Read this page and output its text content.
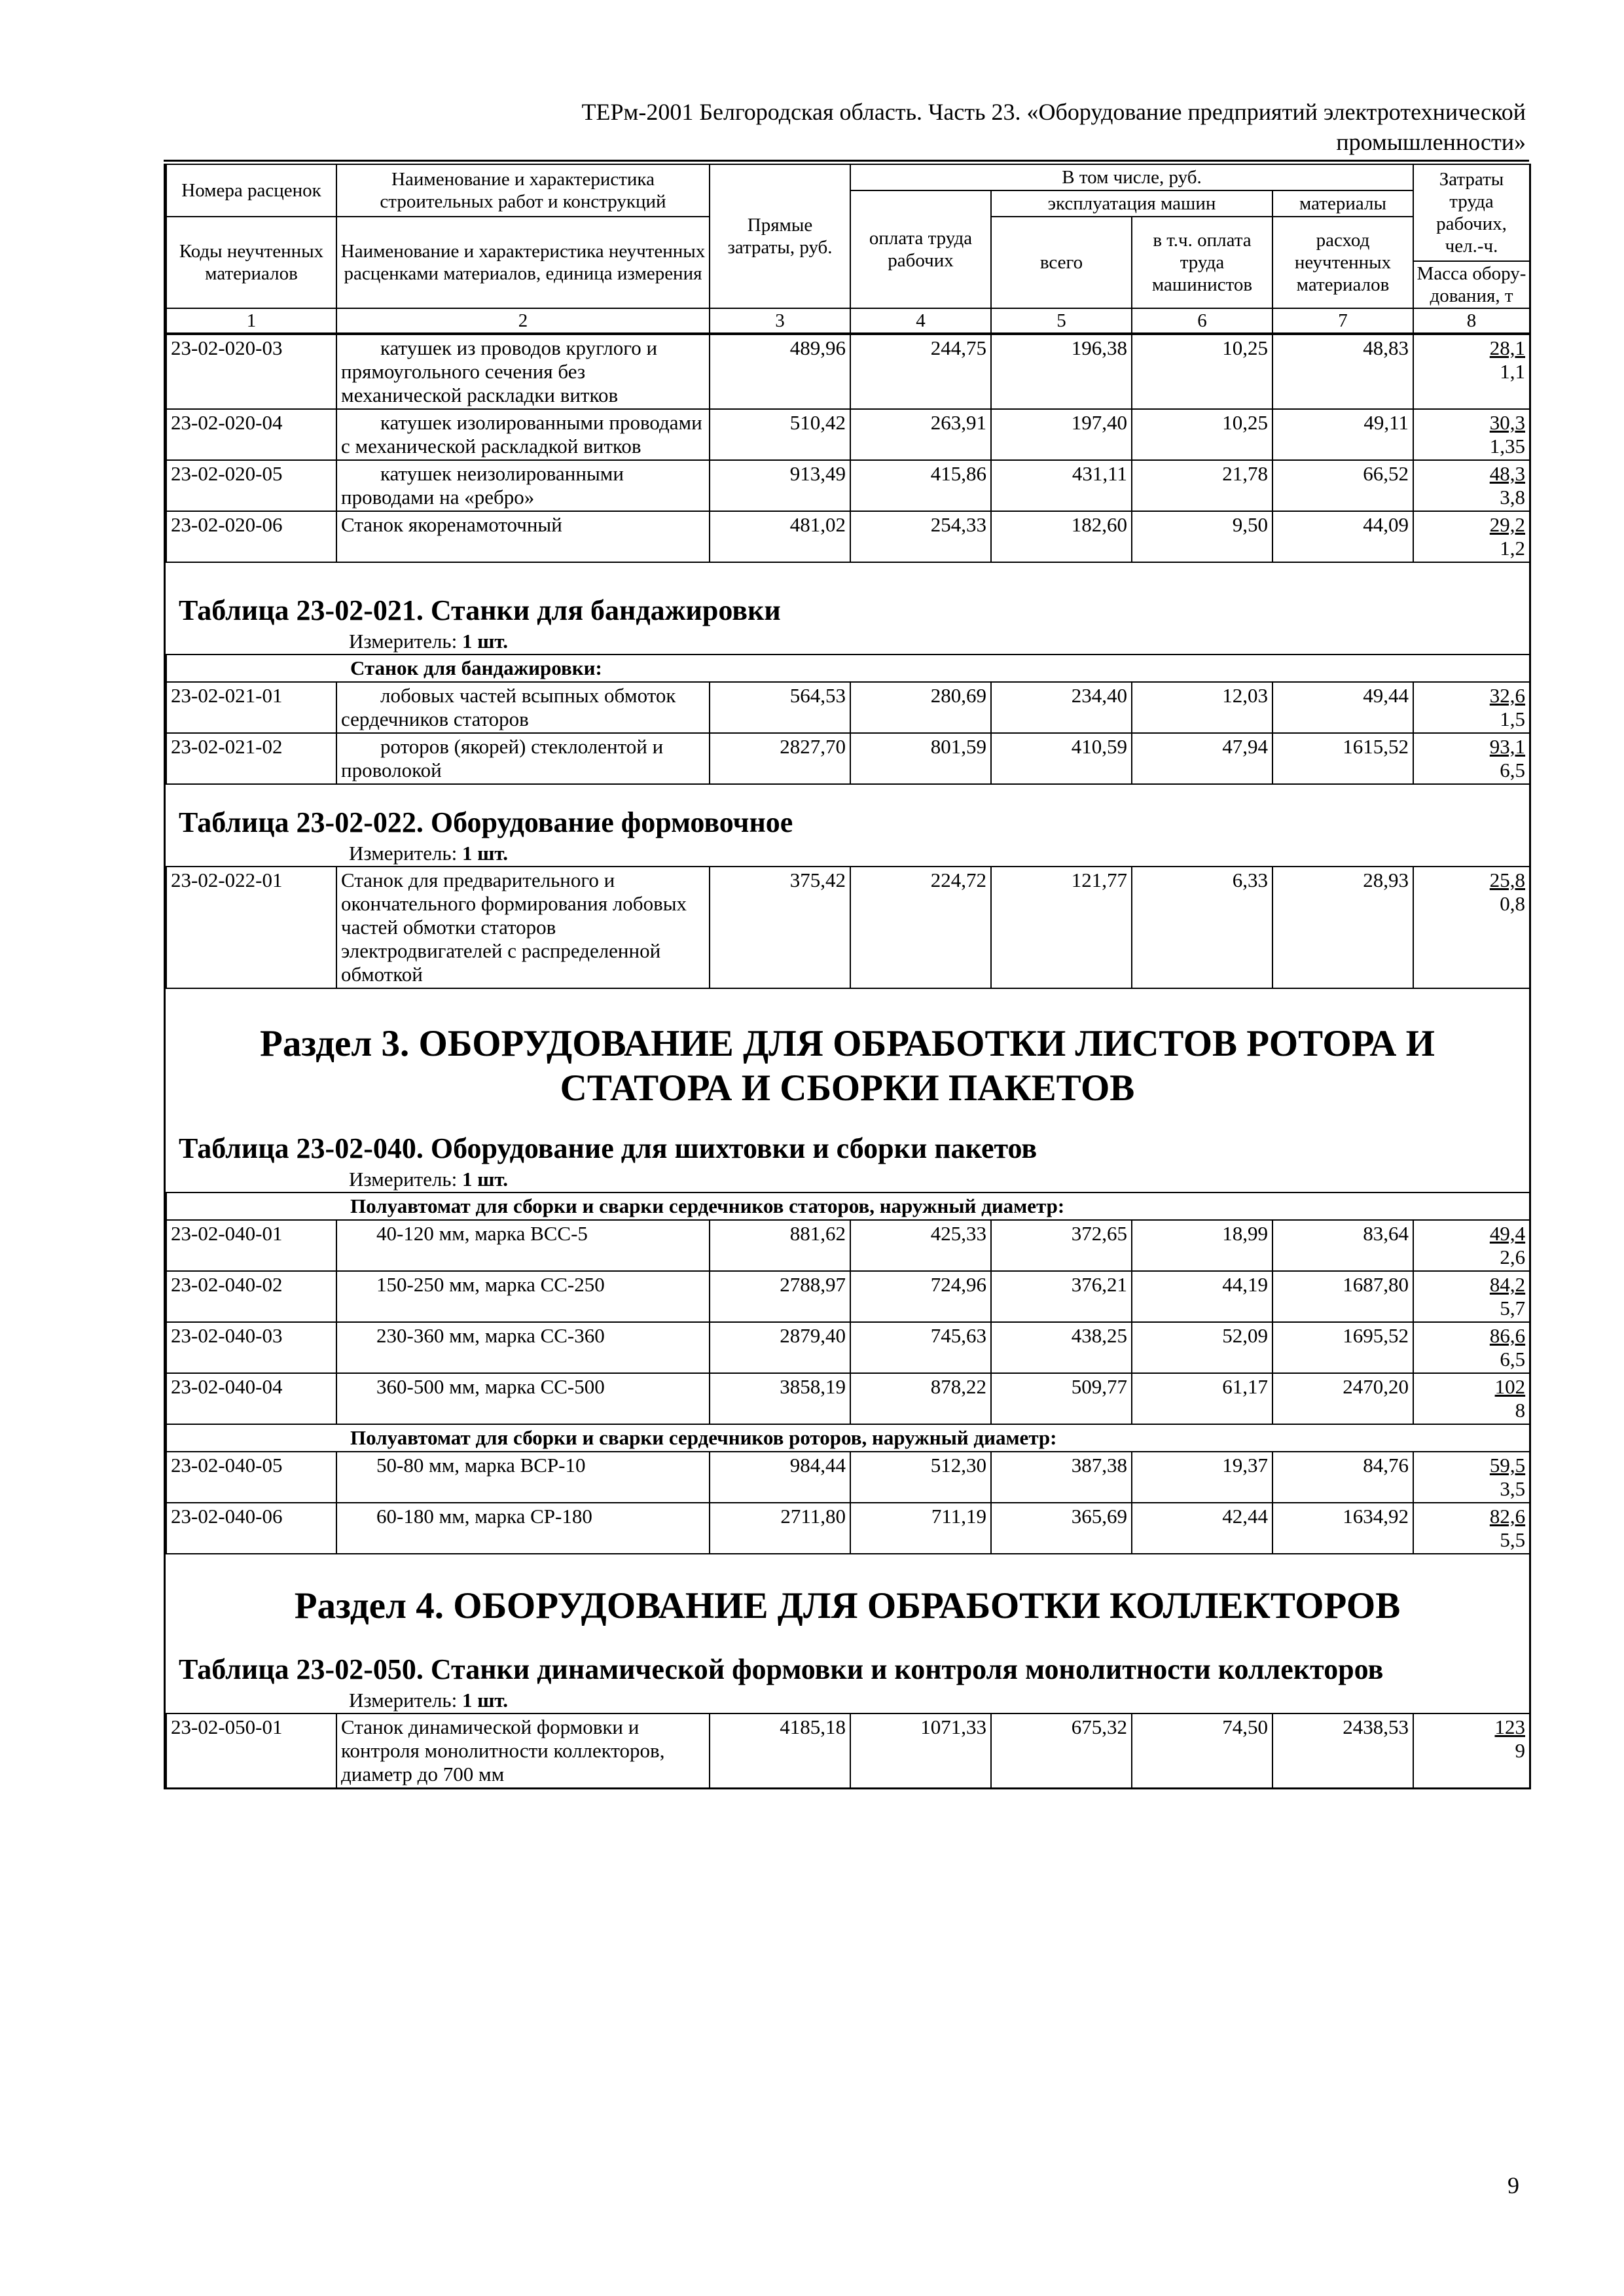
ТЕРм-2001 Белгородская область. Часть 23. «Оборудование предприятий электротехнической
промышленности»
Номера расценок	Наименование и характеристика строительных работ и конструкций	Прямые затраты, руб.	В том числе, руб.				Затраты труда рабочих, чел.-ч.
			оплата труда рабочих	эксплуатация машин		материалы	
Коды неучтенных материалов	Наименование и характеристика неучтенных расценками материалов, единица измерения			всего	в т.ч. оплата труда машинистов	расход неучтенных материалов	
							Масса обору-дования, т
1	2	3	4	5	6	7	8
23-02-020-03	катушек из проводов круглого и прямоугольного сечения без механической раскладки витков	489,96	244,75	196,38	10,25	48,83	28,1
1,1

23-02-020-04	катушек изолированными проводами с механической раскладкой витков	510,42	263,91	197,40	10,25	49,11	30,3
1,35

23-02-020-05	катушек неизолированными проводами на «ребро»	913,49	415,86	431,11	21,78	66,52	48,3
3,8

23-02-020-06	Станок якоренамоточный	481,02	254,33	182,60	9,50	44,09	29,2
1,2
Таблица 23-02-021. Станки для бандажировки
Измеритель: 1 шт.
Станок для бандажировки:							
23-02-021-01	лобовых частей всыпных обмоток сердечников статоров	564,53	280,69	234,40	12,03	49,44	32,6
1,5

23-02-021-02	роторов (якорей) стеклолентой и проволокой	2827,70	801,59	410,59	47,94	1615,52	93,1
6,5
Таблица 23-02-022. Оборудование формовочное
Измеритель: 1 шт.
23-02-022-01	Станок для предварительного и окончательного формирования лобовых частей обмотки статоров электродвигателей с распределенной обмоткой	375,42	224,72	121,77	6,33	28,93	25,8
0,8
Раздел 3. ОБОРУДОВАНИЕ ДЛЯ ОБРАБОТКИ ЛИСТОВ РОТОРА И СТАТОРА И СБОРКИ ПАКЕТОВ
Таблица 23-02-040. Оборудование для шихтовки и сборки пакетов
Измеритель: 1 шт.
Полуавтомат для сборки и сварки сердечников статоров, наружный диаметр:							
23-02-040-01	40-120 мм, марка ВСС-5	881,62	425,33	372,65	18,99	83,64	49,4
2,6

23-02-040-02	150-250 мм, марка СС-250	2788,97	724,96	376,21	44,19	1687,80	84,2
5,7

23-02-040-03	230-360 мм, марка СС-360	2879,40	745,63	438,25	52,09	1695,52	86,6
6,5

23-02-040-04	360-500 мм, марка СС-500	3858,19	878,22	509,77	61,17	2470,20	102
8

Полуавтомат для сборки и сварки сердечников роторов, наружный диаметр:							
23-02-040-05	50-80 мм, марка ВСР-10	984,44	512,30	387,38	19,37	84,76	59,5
3,5

23-02-040-06	60-180 мм, марка СР-180	2711,80	711,19	365,69	42,44	1634,92	82,6
5,5
Раздел 4. ОБОРУДОВАНИЕ ДЛЯ ОБРАБОТКИ КОЛЛЕКТОРОВ
Таблица 23-02-050. Станки динамической формовки и контроля монолитности коллекторов
Измеритель: 1 шт.
23-02-050-01	Станок динамической формовки и контроля монолитности коллекторов, диаметр до 700 мм	4185,18	1071,33	675,32	74,50	2438,53	123
9
9
